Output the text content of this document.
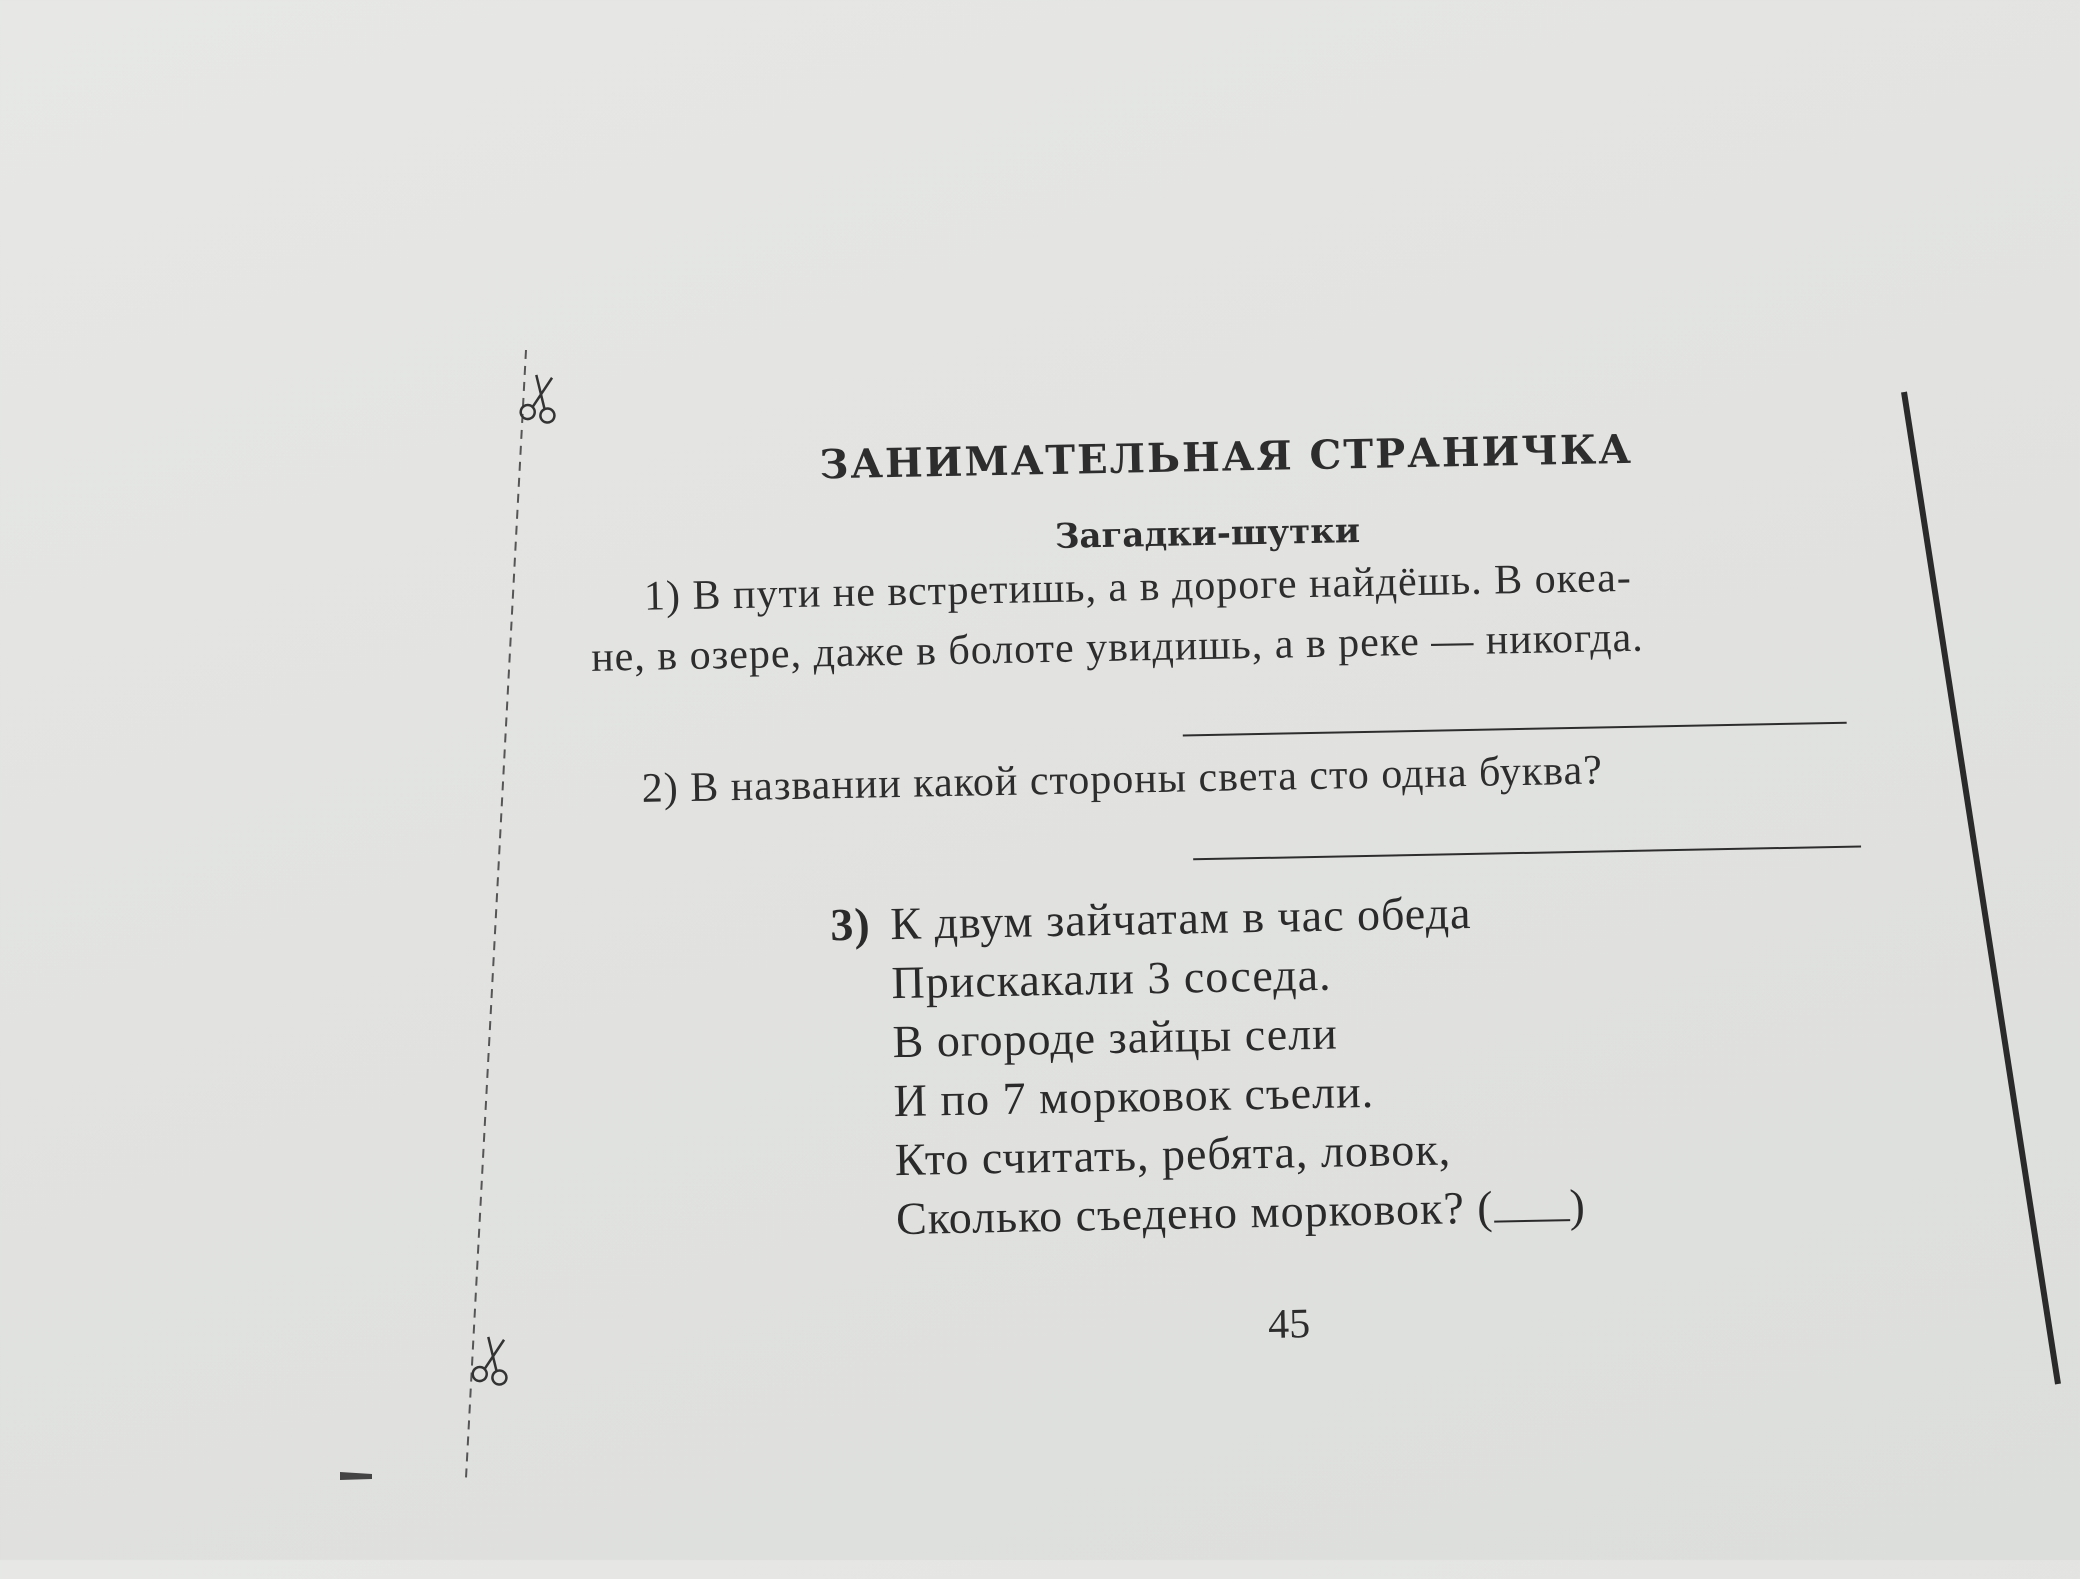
ЗАНИМАТЕЛЬНАЯ СТРАНИЧКА
Загадки-шутки
1) В пути не встретишь, а в дороге найдёшь. В океа-
не, в озере, даже в болоте увидишь, а в реке — никогда.
2) В названии какой стороны света сто одна буква?
3) К двум зайчатам в час обеда
Прискакали 3 соседа.
В огороде зайцы сели
И по 7 морковок съели.
Кто считать, ребята, ловок,
Сколько съедено морковок? ( )
45
